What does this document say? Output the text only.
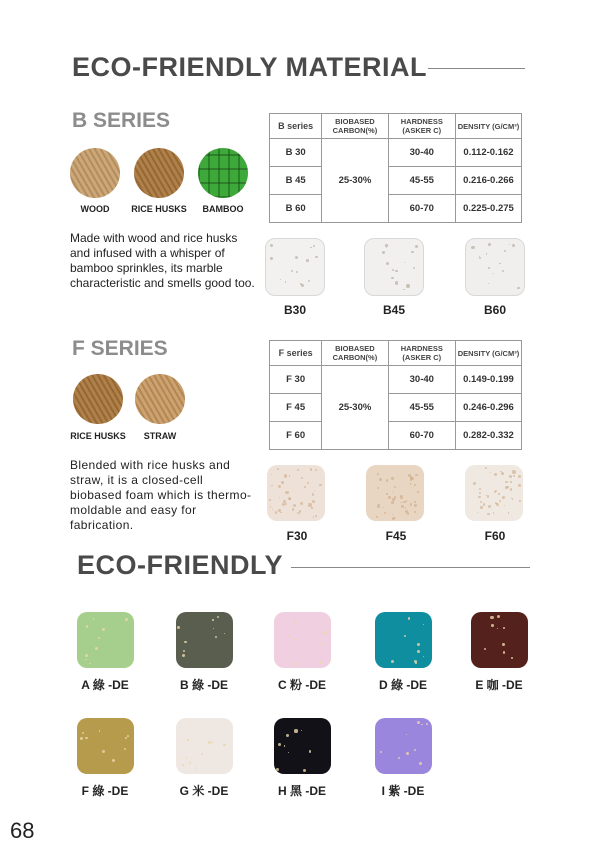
ECO-FRIENDLY MATERIAL
B SERIES
WOOD	RICE HUSKS	BAMBOO
Made with wood and rice husks and infused with a whisper of bamboo sprinkles, its marble characteristic and smells good too.
B series	BIOBASED CARBON(%)	HARDNESS (ASKER C)	DENSITY (G/CM³)
B 30	25-30%	30-40	0.112-0.162
B 45		45-55	0.216-0.266
B 60		60-70	0.225-0.275
B30	B45	B60
F SERIES
RICE HUSKS	STRAW
Blended with rice husks and straw, it is a closed-cell biobased foam which is thermo-moldable and easy for fabrication.
F series	BIOBASED CARBON(%)	HARDNESS (ASKER C)	DENSITY (G/CM³)
F 30	25-30%	30-40	0.149-0.199
F 45		45-55	0.246-0.296
F 60		60-70	0.282-0.332
F30	F45	F60
ECO-FRIENDLY
A 綠 -DE	B 綠 -DE	C 粉 -DE	D 綠 -DE	E 咖 -DE
F 綠 -DE	G 米 -DE	H 黑 -DE	I 紫 -DE
68
